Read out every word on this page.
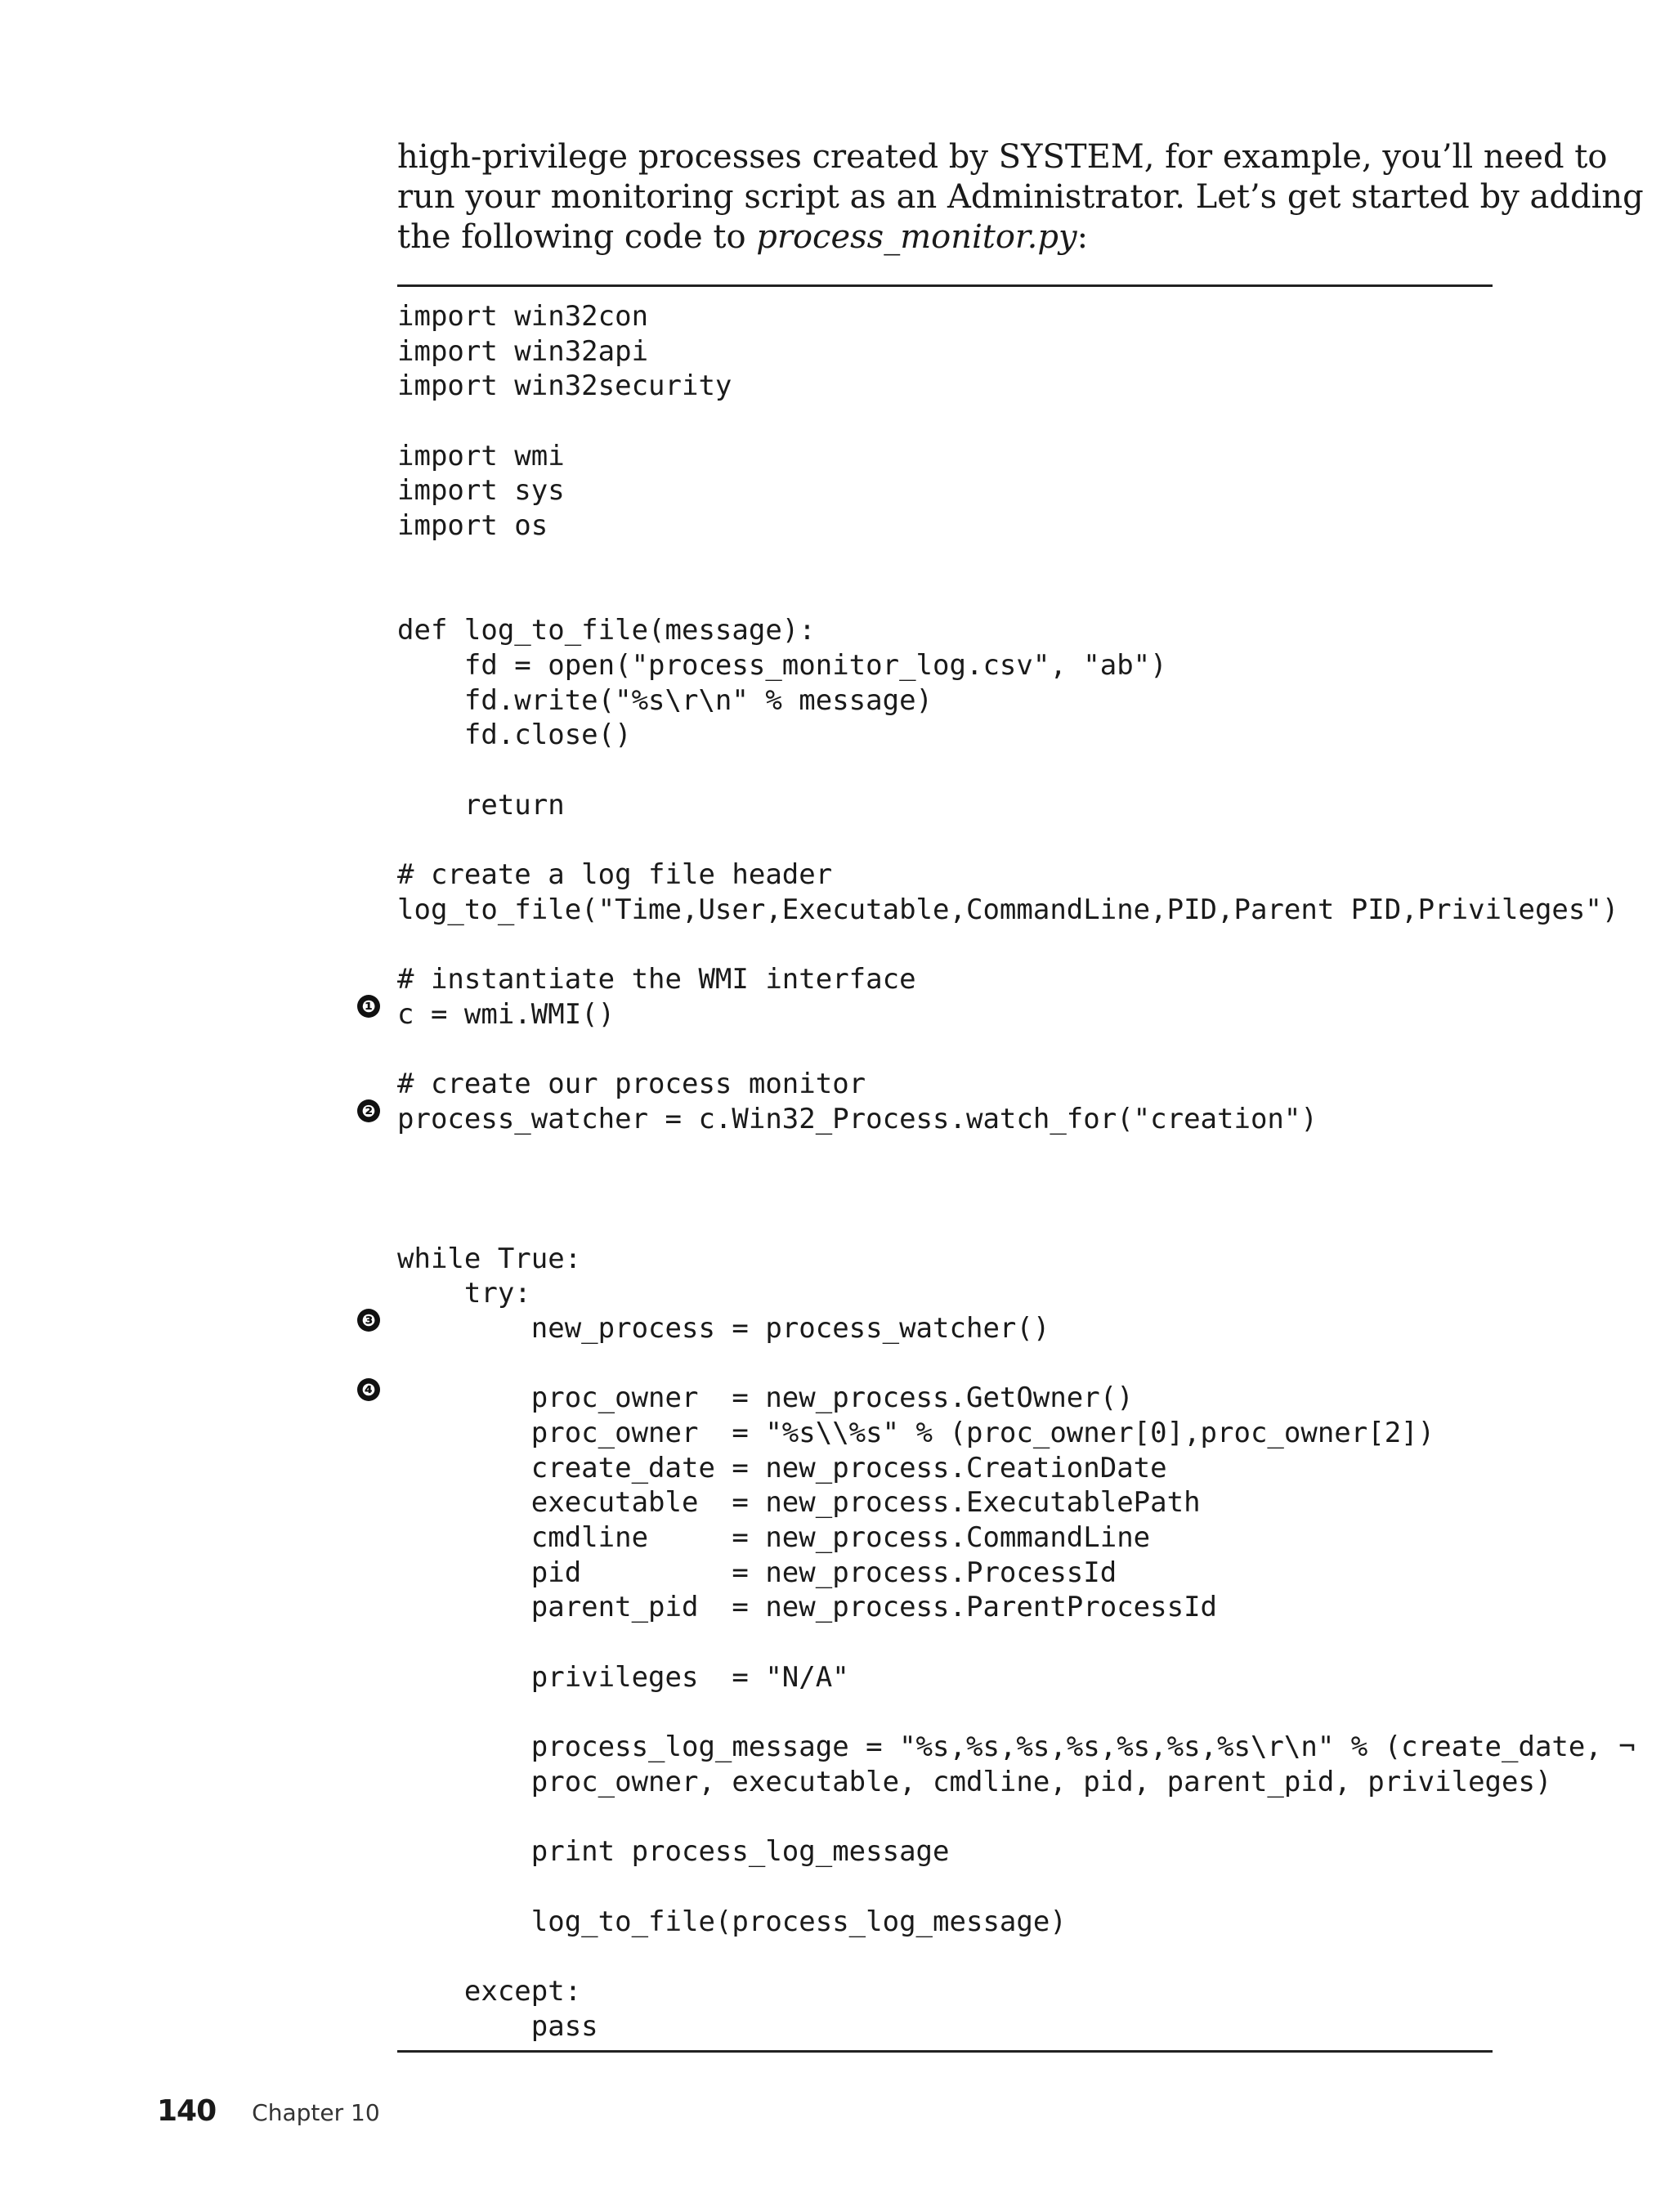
high-privilege processes created by SYSTEM, for example, you’ll need to
run your monitoring script as an Administrator. Let’s get started by adding
the following code to process_monitor.py:
import win32con
import win32api
import win32security
import wmi
import sys
import os
def log_to_file(message):
fd = open("process_monitor_log.csv", "ab")
fd.write("%s\r\n" % message)
fd.close()
return
# create a log file header
log_to_file("Time,User,Executable,CommandLine,PID,Parent PID,Privileges")
# instantiate the WMI interface
c = wmi.WMI()
# create our process monitor
process_watcher = c.Win32_Process.watch_for("creation")
while True:
try:
new_process = process_watcher()
proc_owner  = new_process.GetOwner()
proc_owner  = "%s\\%s" % (proc_owner[0],proc_owner[2])
create_date = new_process.CreationDate
executable  = new_process.ExecutablePath
cmdline     = new_process.CommandLine
pid         = new_process.ProcessId
parent_pid  = new_process.ParentProcessId
privileges  = "N/A"
process_log_message = "%s,%s,%s,%s,%s,%s,%s\r\n" % (create_date, ¬
proc_owner, executable, cmdline, pid, parent_pid, privileges)
print process_log_message
log_to_file(process_log_message)
except:
pass
❶
❷
❸
❹
140 Chapter 10
